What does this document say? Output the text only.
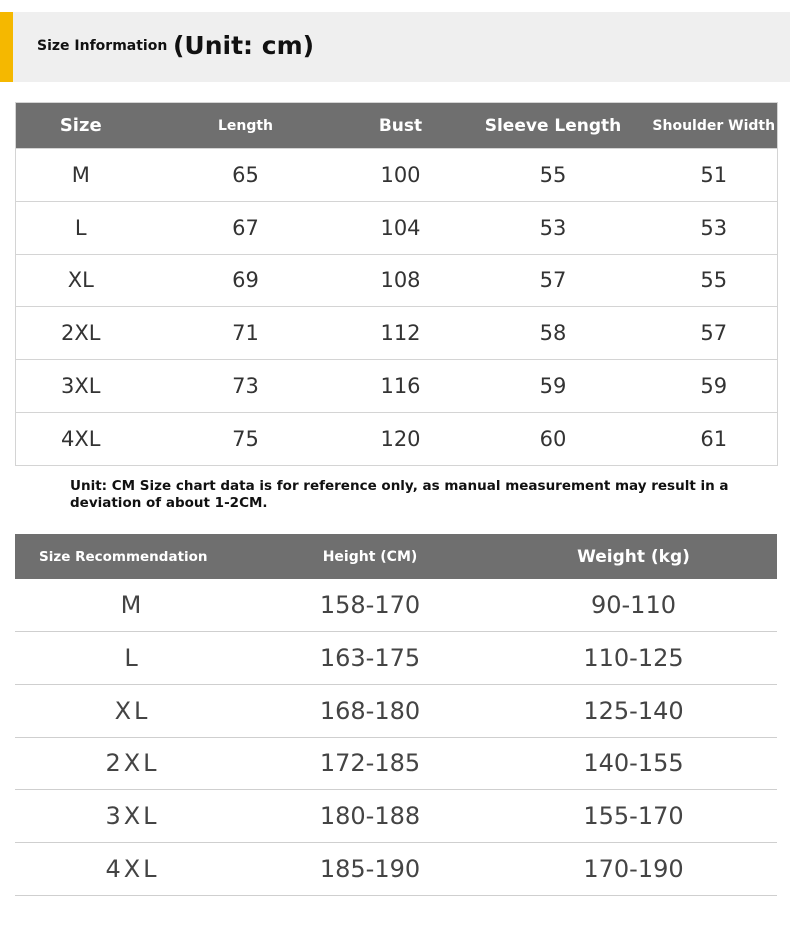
Size Information (Unit: cm)
Size	Length	Bust	Sleeve Length	Shoulder Width
M	65	100	55	51
L	67	104	53	53
XL	69	108	57	55
2XL	71	112	58	57
3XL	73	116	59	59
4XL	75	120	60	61
Unit: CM Size chart data is for reference only, as manual measurement may result in a deviation of about 1-2CM.
Size Recommendation	Height (CM)	Weight (kg)
M	158-170	90-110
L	163-175	110-125
XL	168-180	125-140
2XL	172-185	140-155
3XL	180-188	155-170
4XL	185-190	170-190
